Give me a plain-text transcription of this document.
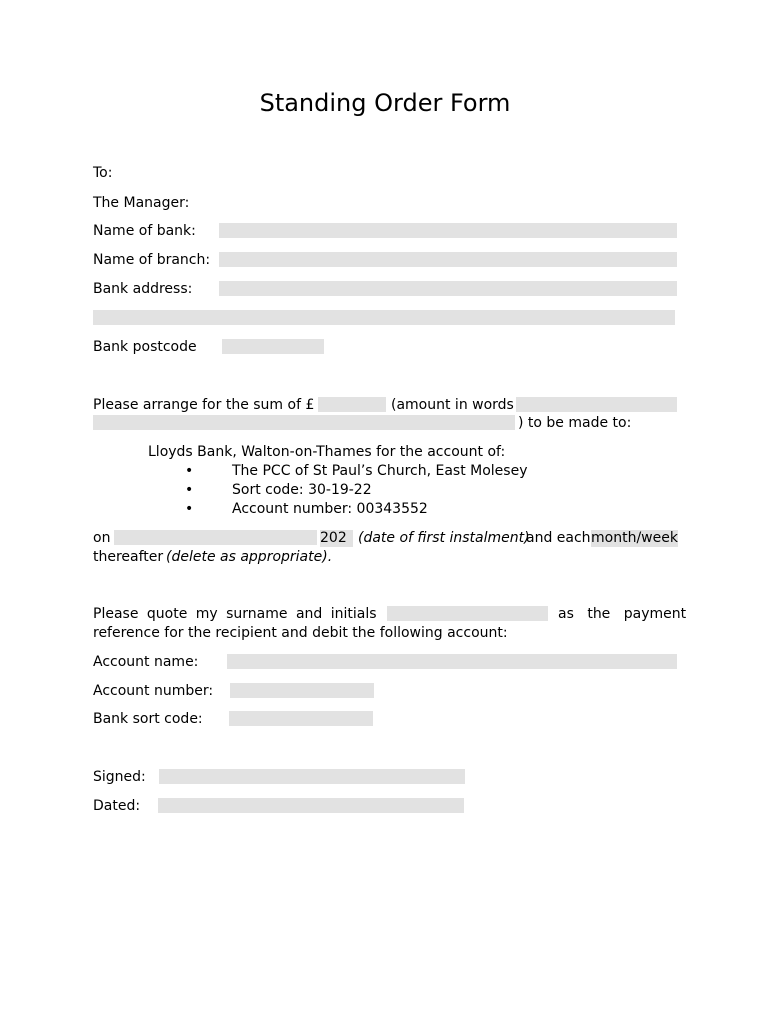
Standing Order Form
To:
The Manager:
Name of bank:
Name of branch:
Bank address:
Bank postcode
Please arrange for the sum of £	(amount in words
) to be made to:
Lloyds Bank, Walton-on-Thames for the account of:
•	The PCC of St Paul’s Church, East Molesey
•	Sort code: 30-19-22
•	Account number: 00343552
on	202 (date of first instalment)
and each month/week
thereafter (delete as appropriate).
Please quote my surname and initials	as the payment
reference for the recipient and debit the following account:
Account name:
Account number:
Bank sort code:
Signed:
Dated:
